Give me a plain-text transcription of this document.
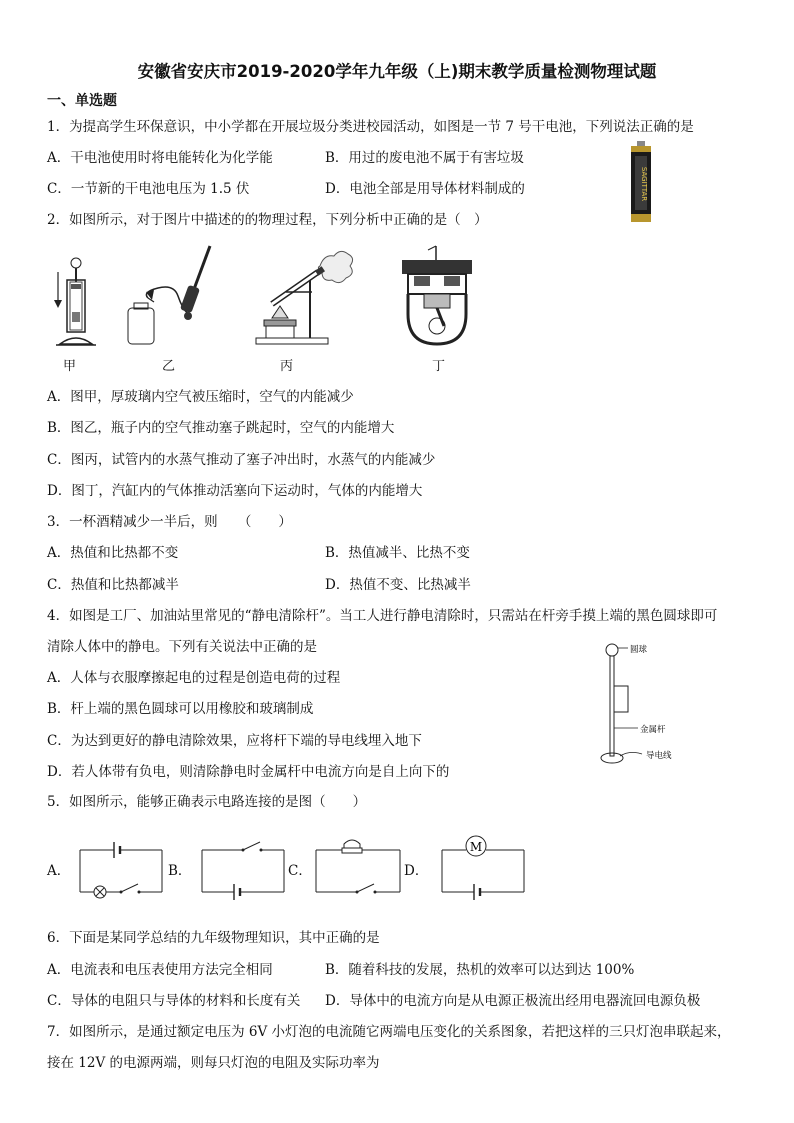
安徽省安庆市2019-2020学年九年级（上)期末教学质量检测物理试题
一、单选题
1．为提高学生环保意识，中小学都在开展垃圾分类进校园活动，如图是一节 7 号干电池，下列说法正确的是
A．干电池使用时将电能转化为化学能	B．用过的废电池不属于有害垃圾
C．一节新的干电池电压为 1.5 伏	D．电池全部是用导体材料制成的	SAGITTAR
2．如图所示，对于图片中描述的的物理过程，下列分析中正确的是（　）
甲	乙	丙	丁
A．图甲，厚玻璃内空气被压缩时，空气的内能减少
B．图乙，瓶子内的空气推动塞子跳起时，空气的内能增大
C．图丙，试管内的水蒸气推动了塞子冲出时，水蒸气的内能减少
D．图丁，汽缸内的气体推动活塞向下运动时，气体的内能增大
3．一杯酒精减少一半后，则　　（　　）
A．热值和比热都不变	B．热值减半、比热不变
C．热值和比热都减半	D．热值不变、比热减半
4．如图是工厂、加油站里常见的“静电清除杆”。当工人进行静电清除时，只需站在杆旁手摸上端的黑色圆球即可
清除人体中的静电。下列有关说法中正确的是
A．人体与衣服摩擦起电的过程是创造电荷的过程
B．杆上端的黑色圆球可以用橡胶和玻璃制成
C．为达到更好的静电清除效果，应将杆下端的导电线埋入地下
D．若人体带有负电，则清除静电时金属杆中电流方向是自上向下的
圆球
金属杆
导电线
5．如图所示，能够正确表示电路连接的是图（　　）
A．	B．	C．	D．
M
6．下面是某同学总结的九年级物理知识，其中正确的是
A．电流表和电压表使用方法完全相同	B．随着科技的发展，热机的效率可以达到达 100%
C．导体的电阻只与导体的材料和长度有关 D．导体中的电流方向是从电源正极流出经用电器流回电源负极
7．如图所示，是通过额定电压为 6V 小灯泡的电流随它两端电压变化的关系图象，若把这样的三只灯泡串联起来，
接在 12V 的电源两端，则每只灯泡的电阻及实际功率为
